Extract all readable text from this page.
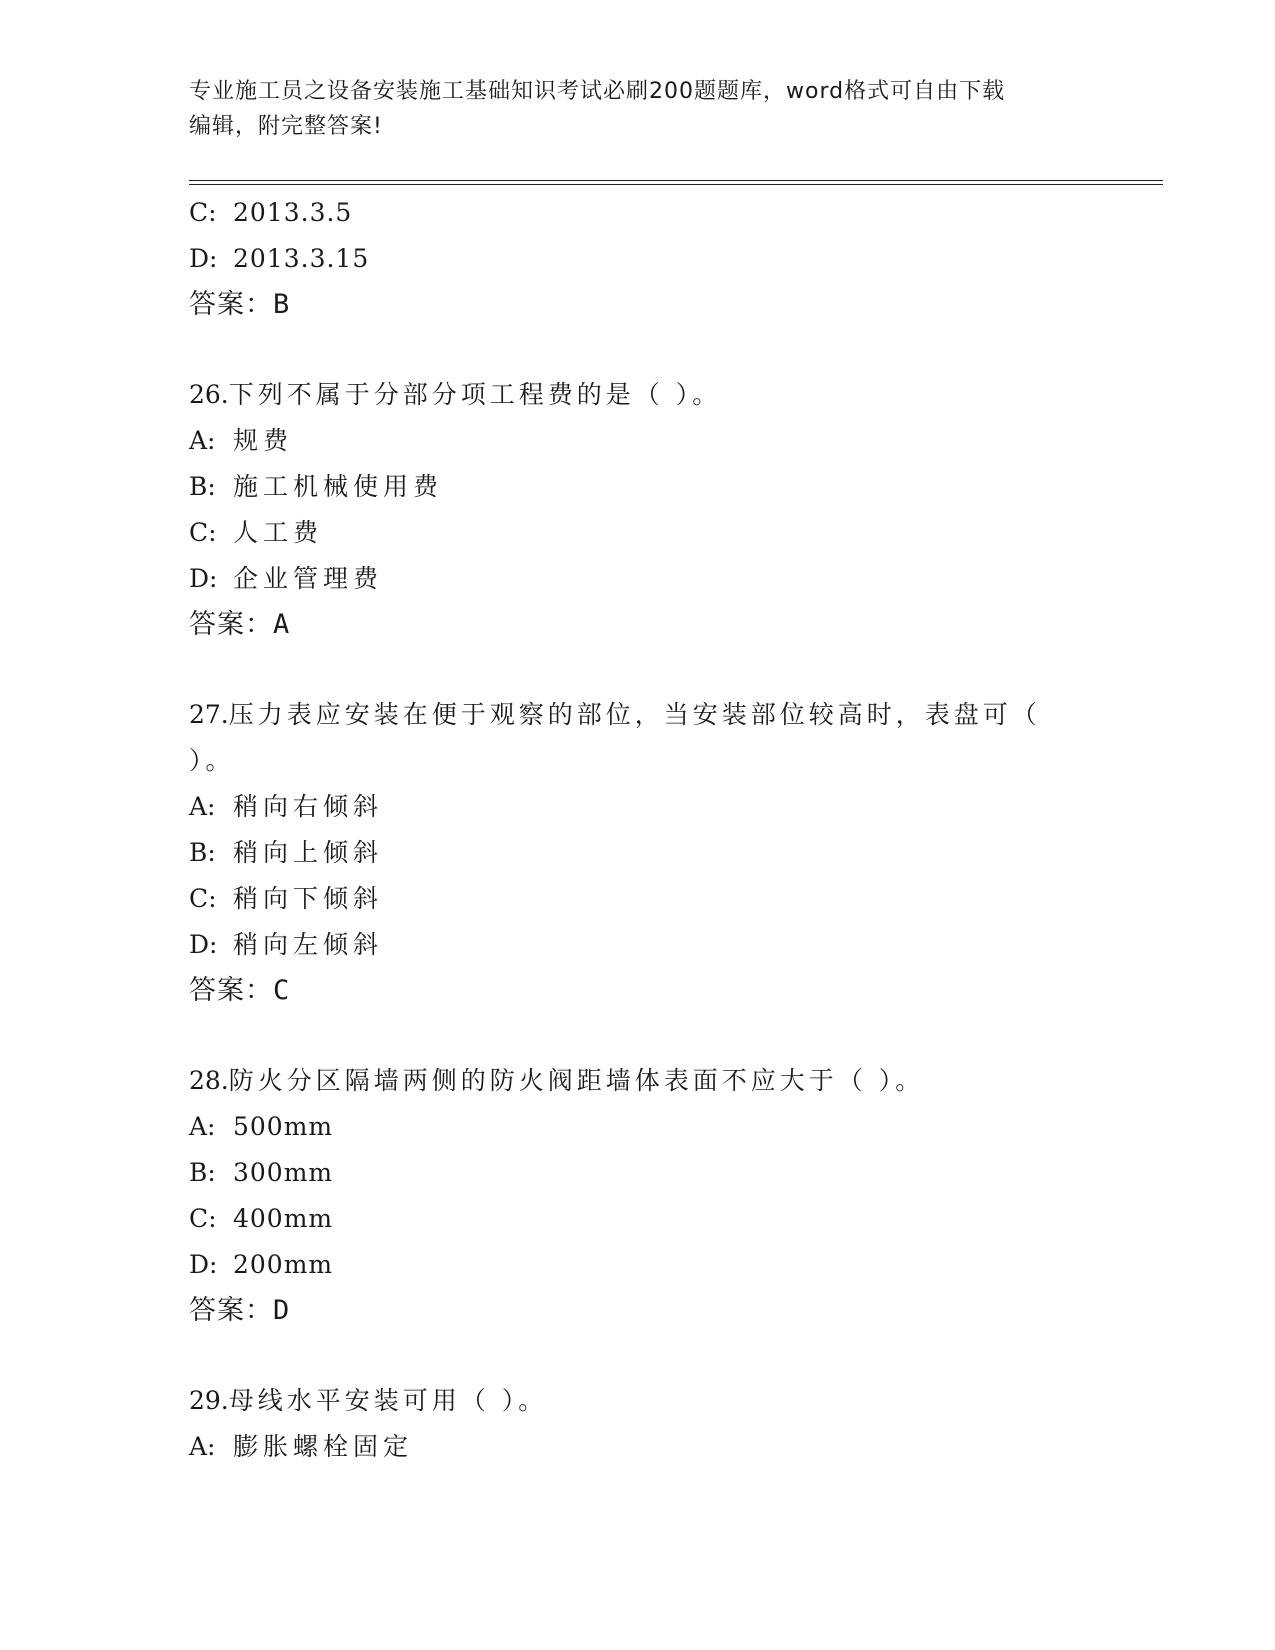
专业施工员之设备安装施工基础知识考试必刷200题题库，word格式可自由下载
编辑，附完整答案!
C: 2013.3.5
D: 2013.3.15
答案：B
26.下列不属于分部分项工程费的是（ ）。
A: 规费
B: 施工机械使用费
C: 人工费
D: 企业管理费
答案：A
27.压力表应安装在便于观察的部位，当安装部位较高时，表盘可（
）。
A: 稍向右倾斜
B: 稍向上倾斜
C: 稍向下倾斜
D: 稍向左倾斜
答案：C
28.防火分区隔墙两侧的防火阀距墙体表面不应大于（ ）。
A: 500mm
B: 300mm
C: 400mm
D: 200mm
答案：D
29.母线水平安装可用（ ）。
A: 膨胀螺栓固定
